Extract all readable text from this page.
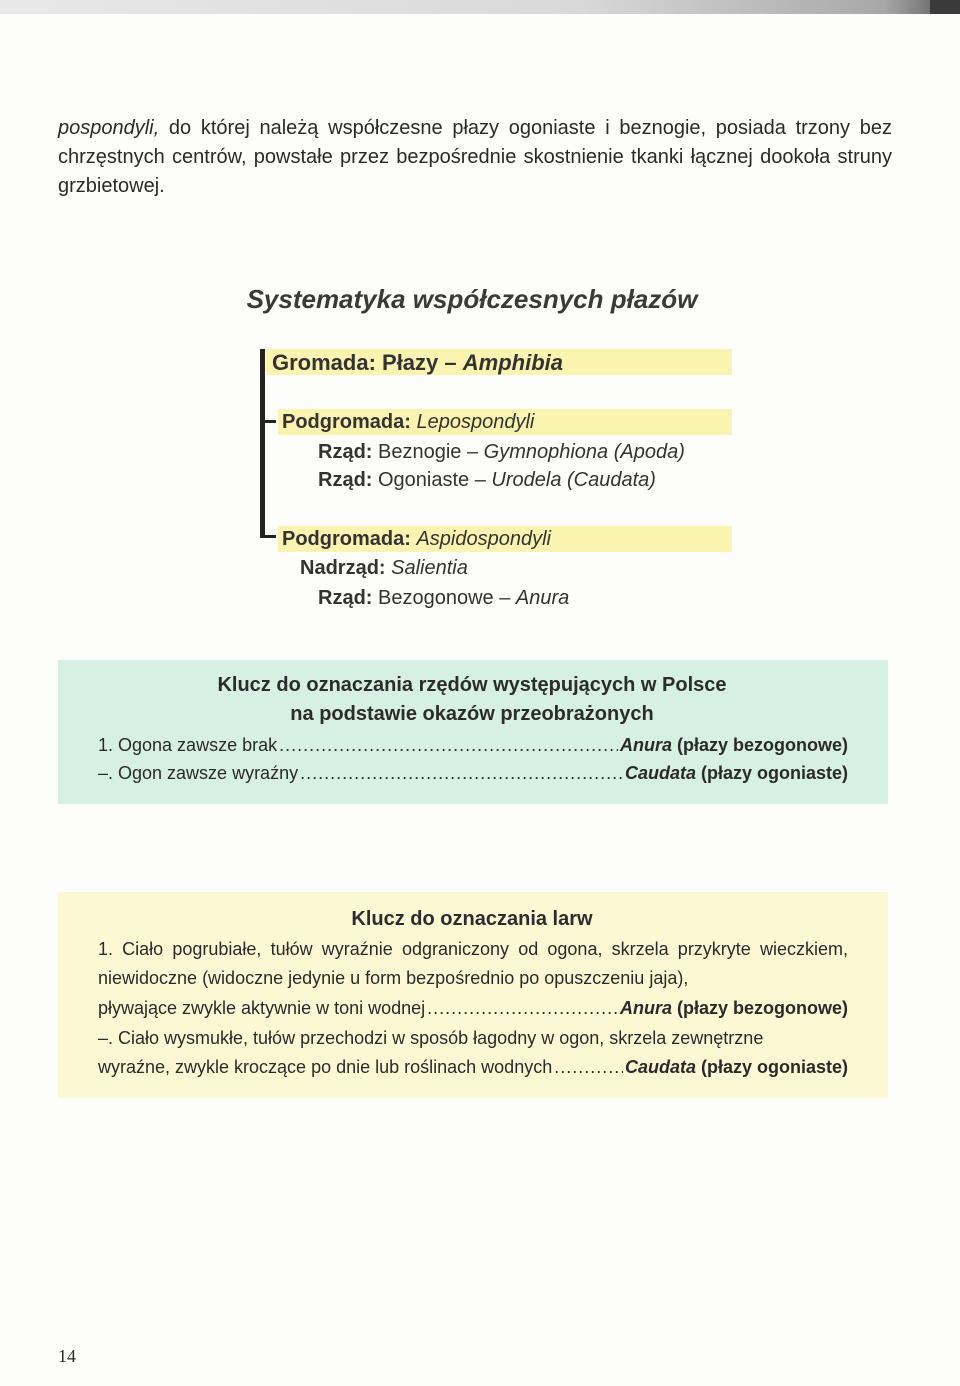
pospondyli, do której należą współczesne płazy ogoniaste i beznogie, posiada trzony bez chrzęstnych centrów, powstałe przez bezpośrednie skostnienie tkanki łącznej dookoła struny grzbietowej.

Systematyka współczesnych płazów
Gromada: Płazy – Amphibia
Podgromada: Lepospondyli
Rząd: Beznogie – Gymnophiona (Apoda)
Rząd: Ogoniaste – Urodela (Caudata)
Podgromada: Aspidospondyli
Nadrząd: Salientia
Rząd: Bezogonowe – Anura
Klucz do oznaczania rzędów występujących w Polsce
na podstawie okazów przeobrażonych
1. Ogona zawsze brak .....	Anura (płazy bezogonowe)
–. Ogon zawsze wyraźny .....	Caudata (płazy ogoniaste)
Klucz do oznaczania larw
1. Ciało pogrubiałe, tułów wyraźnie odgraniczony od ogona, skrzela przykryte wieczkiem, niewidoczne (widoczne jedynie u form bezpośrednio po opuszczeniu jaja),
pływające zwykle aktywnie w toni wodnej .....	Anura (płazy bezogonowe)
–. Ciało wysmukłe, tułów przechodzi w sposób łagodny w ogon, skrzela zewnętrzne
wyraźne, zwykle kroczące po dnie lub roślinach wodnych .....	Caudata (płazy ogoniaste)
14
